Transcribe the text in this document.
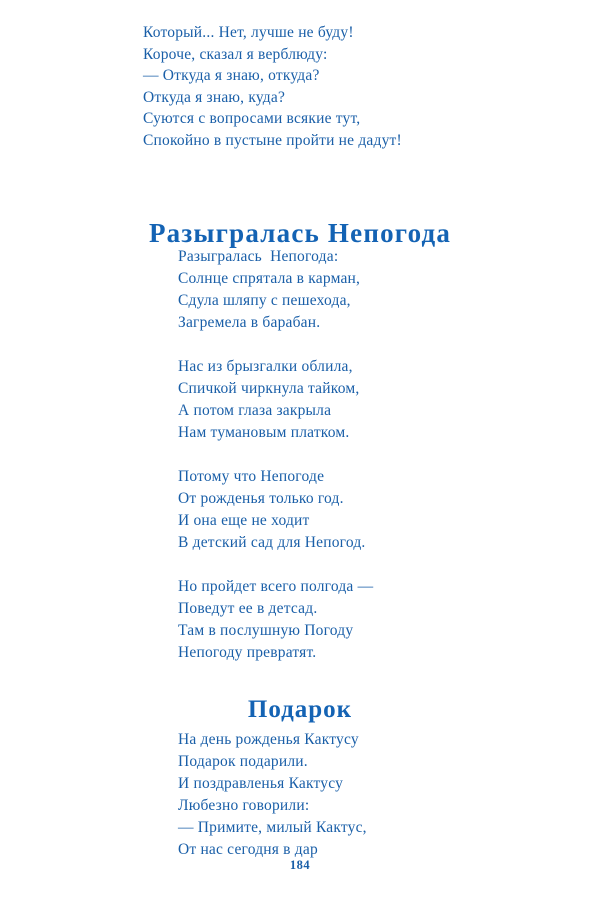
Который... Нет, лучше не буду!
Короче, сказал я верблюду:
— Откуда я знаю, откуда?
Откуда я знаю, куда?
Суются с вопросами всякие тут,
Спокойно в пустыне пройти не дадут!
Разыгралась Непогода
Разыгралась  Непогода:
Солнце спрятала в карман,
Сдула шляпу с пешехода,
Загремела в барабан.
Нас из брызгалки облила,
Спичкой чиркнула тайком,
А потом глаза закрыла
Нам тумановым платком.
Потому что Непогоде
От рожденья только год.
И она еще не ходит
В детский сад для Непогод.
Но пройдет всего полгода —
Поведут ее в детсад.
Там в послушную Погоду
Непогоду превратят.
Подарок
На день рожденья Кактусу
Подарок подарили.
И поздравленья Кактусу
Любезно говорили:
— Примите, милый Кактус,
От нас сегодня в дар
184
